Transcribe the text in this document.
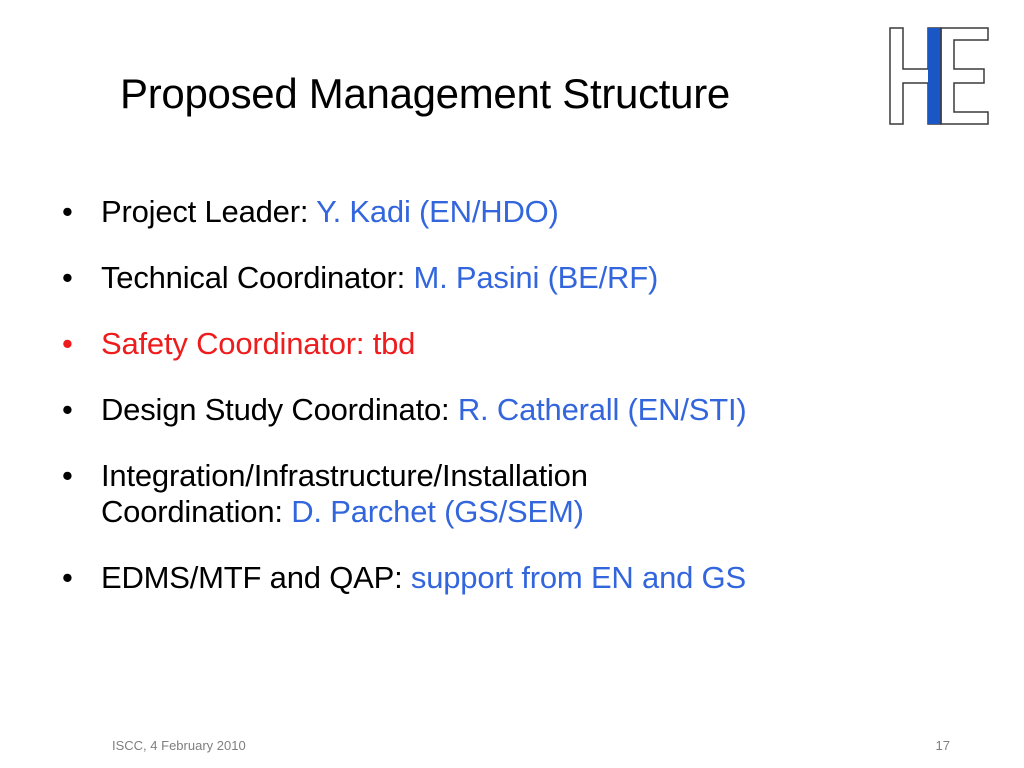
Proposed Management Structure
• Project Leader: Y. Kadi (EN/HDO)
• Technical Coordinator: M. Pasini (BE/RF)
• Safety Coordinator: tbd
• Design Study Coordinato: R. Catherall (EN/STI)
• Integration/Infrastructure/Installation
Coordination: D. Parchet (GS/SEM)
• EDMS/MTF and QAP: support from EN and GS
ISCC, 4 February 2010	17
